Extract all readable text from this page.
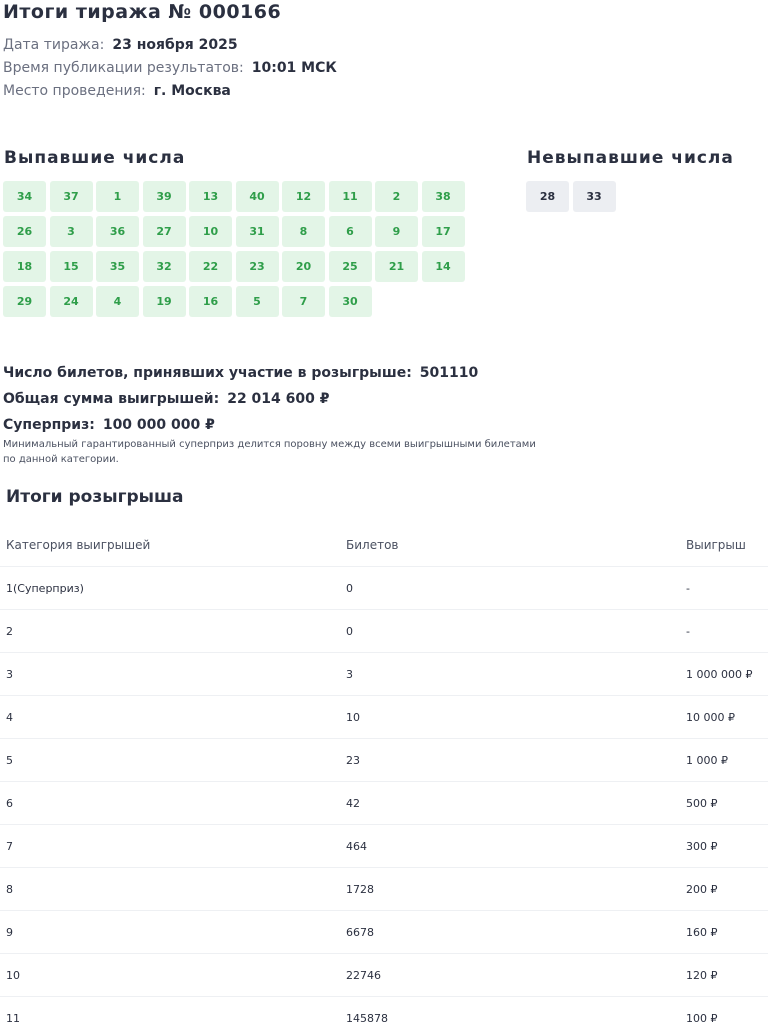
Итоги тиража № 000166
Дата тиража: 23 ноября 2025
Время публикации результатов: 10:01 МСК
Место проведения: г. Москва
Выпавшие числа	Невыпавшие числа
34	37	1	39	13	40	12	11	2	38
26	3	36	27	10	31	8	6	9	17
18	15	35	32	22	23	20	25	21	14
29	24	4	19	16	5	7	30
28	33
Число билетов, принявших участие в розыгрыше: 501110
Общая сумма выигрышей: 22 014 600 ₽
Суперприз: 100 000 000 ₽
Минимальный гарантированный суперприз делится поровну между всеми выигрышными билетами по данной категории.
Итоги розыгрыша
Категория выигрышей	Билетов	Выигрыш
1(Суперприз)	0	-
2	0	-
3	3	1 000 000 ₽
4	10	10 000 ₽
5	23	1 000 ₽
6	42	500 ₽
7	464	300 ₽
8	1728	200 ₽
9	6678	160 ₽
10	22746	120 ₽
11	145878	100 ₽
